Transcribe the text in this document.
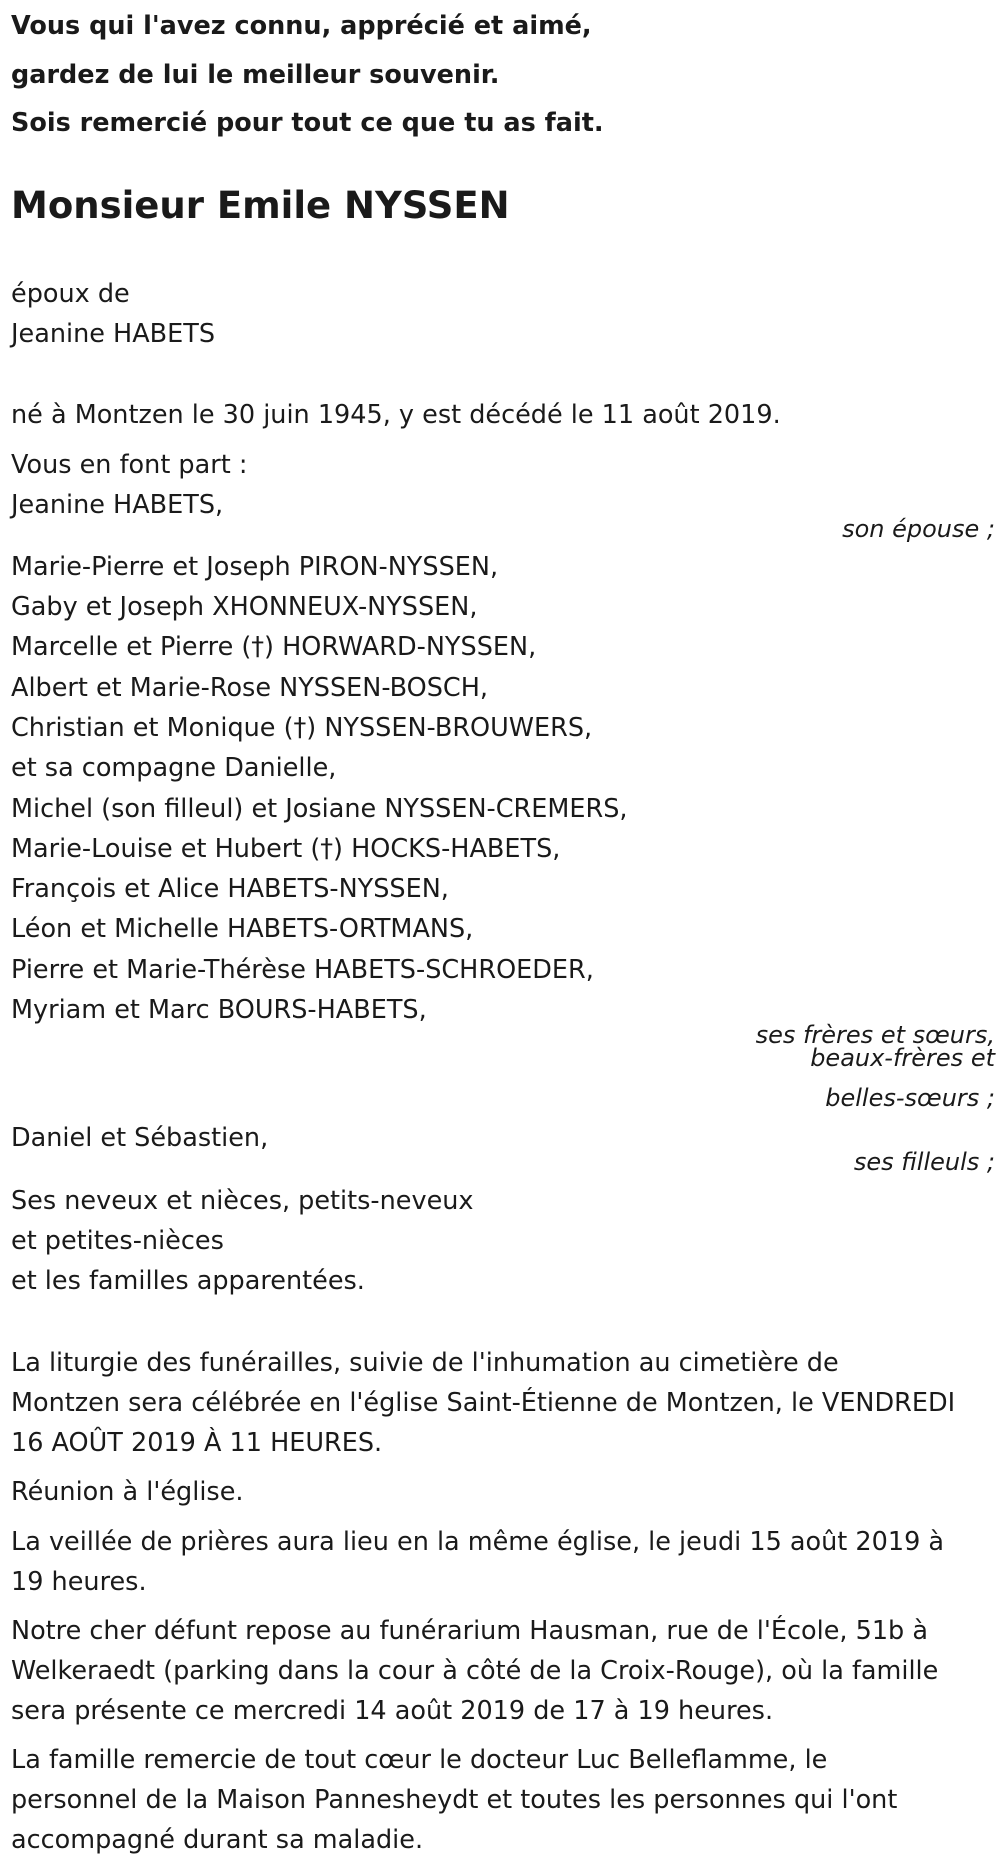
Vous qui l'avez connu, apprécié et aimé,
gardez de lui le meilleur souvenir.
Sois remercié pour tout ce que tu as fait.
Monsieur Emile NYSSEN
époux de
Jeanine HABETS
né à Montzen le 30 juin 1945, y est décédé le 11 août 2019.
Vous en font part :
Jeanine HABETS,
son épouse ;
Marie-Pierre et Joseph PIRON-NYSSEN,
Gaby et Joseph XHONNEUX-NYSSEN,
Marcelle et Pierre (†) HORWARD-NYSSEN,
Albert et Marie-Rose NYSSEN-BOSCH,
Christian et Monique (†) NYSSEN-BROUWERS,
et sa compagne Danielle,
Michel (son filleul) et Josiane NYSSEN-CREMERS,
Marie-Louise et Hubert (†) HOCKS-HABETS,
François et Alice HABETS-NYSSEN,
Léon et Michelle HABETS-ORTMANS,
Pierre et Marie-Thérèse HABETS-SCHROEDER,
Myriam et Marc BOURS-HABETS,
ses frères et sœurs,
beaux-frères et
belles-sœurs ;
Daniel et Sébastien,
ses filleuls ;
Ses neveux et nièces, petits-neveux
et petites-nièces
et les familles apparentées.
La liturgie des funérailles, suivie de l'inhumation au cimetière de
Montzen sera célébrée en l'église Saint-Étienne de Montzen, le VENDREDI
16 AOÛT 2019 À 11 HEURES.
Réunion à l'église.
La veillée de prières aura lieu en la même église, le jeudi 15 août 2019 à
19 heures.
Notre cher défunt repose au funérarium Hausman, rue de l'École, 51b à
Welkeraedt (parking dans la cour à côté de la Croix-Rouge), où la famille
sera présente ce mercredi 14 août 2019 de 17 à 19 heures.
La famille remercie de tout cœur le docteur Luc Belleflamme, le
personnel de la Maison Pannesheydt et toutes les personnes qui l'ont
accompagné durant sa maladie.
